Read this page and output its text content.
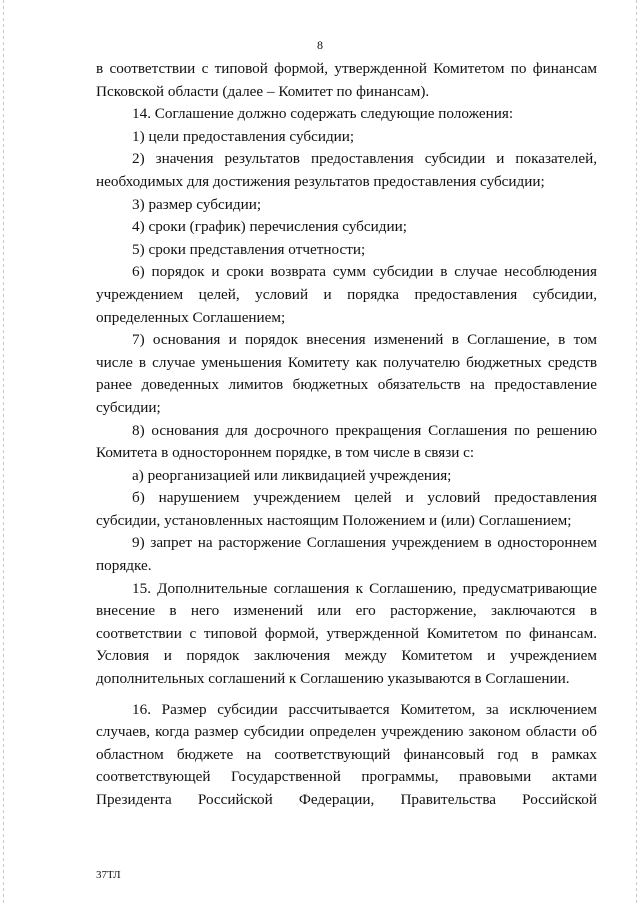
8

в соответствии с типовой формой, утвержденной Комитетом по финансам Псковской области (далее – Комитет по финансам).

14. Соглашение должно содержать следующие положения:

1) цели предоставления субсидии;

2) значения результатов предоставления субсидии и показателей, необходимых для достижения результатов предоставления субсидии;

3) размер субсидии;

4) сроки (график) перечисления субсидии;

5) сроки представления отчетности;

6) порядок и сроки возврата сумм субсидии в случае несоблюдения учреждением целей, условий и порядка предоставления субсидии, определенных Соглашением;

7) основания и порядок внесения изменений в Соглашение, в том числе в случае уменьшения Комитету как получателю бюджетных средств ранее доведенных лимитов бюджетных обязательств на предоставление субсидии;

8) основания для досрочного прекращения Соглашения по решению Комитета в одностороннем порядке, в том числе в связи с:

а) реорганизацией или ликвидацией учреждения;

б) нарушением учреждением целей и условий предоставления субсидии, установленных настоящим Положением и (или) Соглашением;

9) запрет на расторжение Соглашения учреждением в одностороннем порядке.

15. Дополнительные соглашения к Соглашению, предусматривающие внесение в него изменений или его расторжение, заключаются в соответствии с типовой формой, утвержденной Комитетом по финансам. Условия и порядок заключения между Комитетом и учреждением дополнительных соглашений к Соглашению указываются в Соглашении.

16. Размер субсидии рассчитывается Комитетом, за исключением случаев, когда размер субсидии определен учреждению законом области об областном бюджете на соответствующий финансовый год в рамках соответствующей Государственной программы, правовыми актами Президента Российской Федерации, Правительства Российской

37ТЛ
